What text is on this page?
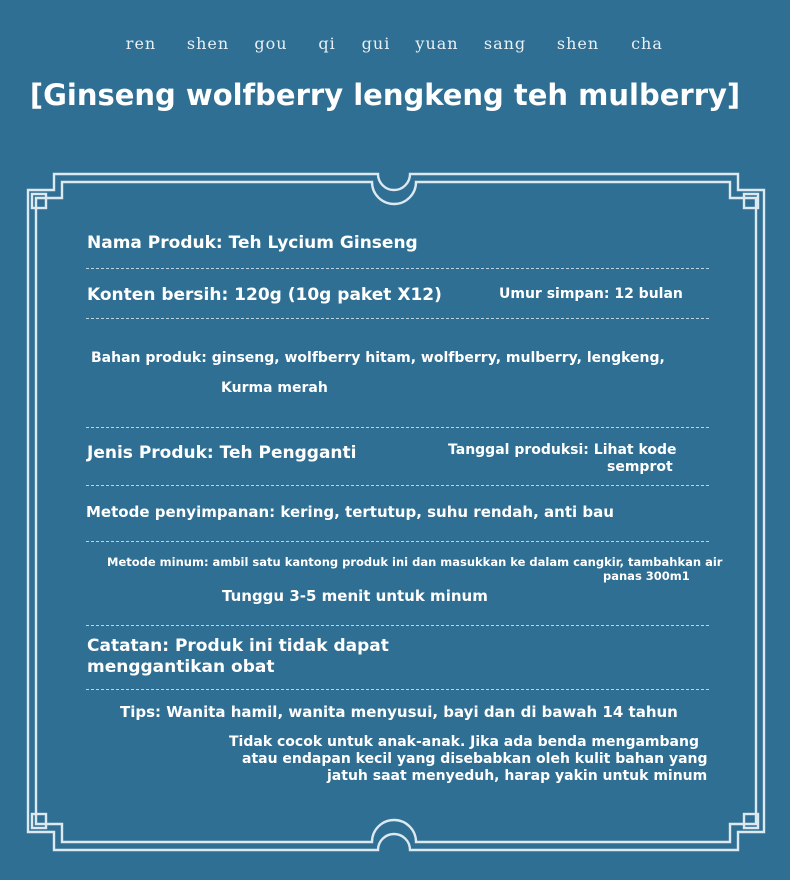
ren shen gou qi gui yuan sang shen cha
[Ginseng wolfberry lengkeng teh mulberry]
Nama Produk: Teh Lycium Ginseng
Konten bersih: 120g (10g paket X12)	Umur simpan: 12 bulan
Bahan produk: ginseng, wolfberry hitam, wolfberry, mulberry, lengkeng,
Kurma merah
Jenis Produk: Teh Pengganti	Tanggal produksi: Lihat kode
semprot
Metode penyimpanan: kering, tertutup, suhu rendah, anti bau
Metode minum: ambil satu kantong produk ini dan masukkan ke dalam cangkir, tambahkan air
panas 300m1
Tunggu 3-5 menit untuk minum
Catatan: Produk ini tidak dapat
menggantikan obat
Tips: Wanita hamil, wanita menyusui, bayi dan di bawah 14 tahun
Tidak cocok untuk anak-anak. Jika ada benda mengambang
atau endapan kecil yang disebabkan oleh kulit bahan yang
jatuh saat menyeduh, harap yakin untuk minum
